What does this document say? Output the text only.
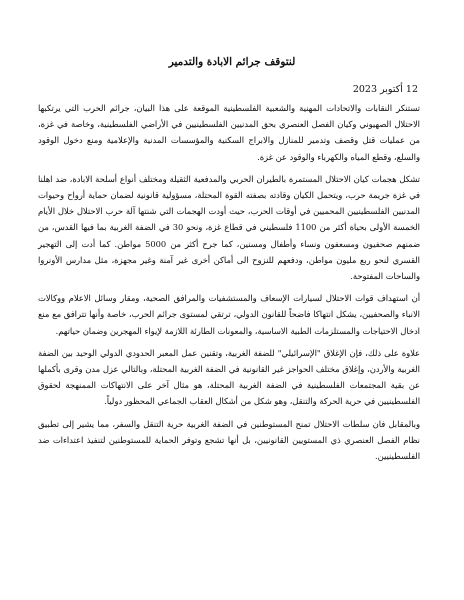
لنتوقف جرائم الابادة والتدمير
12 أكتوبر 2023

تستنكر النقابات والاتحادات المهنية والشعبية الفلسطينية الموقعة على هذا البيان، جرائم الحرب التي يرتكبها الاحتلال الصهيوني وكيان الفصل العنصري بحق المدنيين الفلسطينيين في الأراضي الفلسطينية، وخاصة في غزة، من عمليات قتل وقصف وتدمير للمنازل والابراج السكنية والمؤسسات المدنية والإعلامية ومنع دخول الوقود والسلع، وقطع المياه والكهرباء والوقود عن غزة.

تشكل هجمات كيان الاحتلال المستمرة بالطيران الحربي والمدفعية الثقيلة ومختلف أنواع أسلحة الابادة، ضد اهلنا في غزة جريمة حرب، ويتحمل الكيان وقادته بصفته القوة المحتلة، مسؤولية قانونية لضمان حماية أرواح وحيوات المدنيين الفلسطينيين المحميين في أوقات الحرب، حيث أودت الهجمات التي شنتها آلة حرب الاحتلال خلال الأيام الخمسة الأولى بحياة أكثر من 1100 فلسطيني في قطاع غزة، ونحو 30 في الضفة الغربية بما فيها القدس، من ضمنهم صحفيون ومسعفون ونساء وأطفال ومسنين، كما جرح أكثر من 5000 مواطن. كما أدت إلى التهجير القسري لنحو ربع مليون مواطن، ودفعهم للنزوح الى أماكن أخرى غير آمنة وغير مجهزة، مثل مدارس الأونروا والساحات المفتوحة.

أن استهداف قوات الاحتلال لسيارات الإسعاف والمستشفيات والمرافق الصحية، ومقار وسائل الاعلام ووكالات الانباء والصحفيين، يشكل انتهاكا فاضحاً للقانون الدولي، ترتقي لمستوى جرائم الحرب، خاصة وأنها تترافق مع منع ادخال الاحتياجات والمستلزمات الطبية الاساسية، والمعونات الطارئة اللازمة لإيواء المهجرين وضمان حياتهم.

علاوة على ذلك، فإن الإغلاق "الإسرائيلي" للضفة الغربية، وتقنين عمل المعبر الحدودي الدولي الوحيد بين الضفة الغربية والأردن، وإغلاق مختلف الحواجز غير القانونية في الضفة الغربية المحتلة، وبالتالي عزل مدن وقرى بأكملها عن بقية المجتمعات الفلسطينية في الضفة الغربية المحتلة، هو مثال آخر على الانتهاكات الممنهجة لحقوق الفلسطينيين في حرية الحركة والتنقل، وهو شكل من أشكال العقاب الجماعي المحظور دولياً.

وبالمقابل فان سلطات الاحتلال تمنح المستوطنين في الضفة الغربية حرية التنقل والسفر، مما يشير إلى تطبيق نظام الفصل العنصري ذي المستويين القانونيين، بل أنها تشجع وتوفر الحماية للمستوطنين لتنفيذ اعتداءات ضد الفلسطينيين.
